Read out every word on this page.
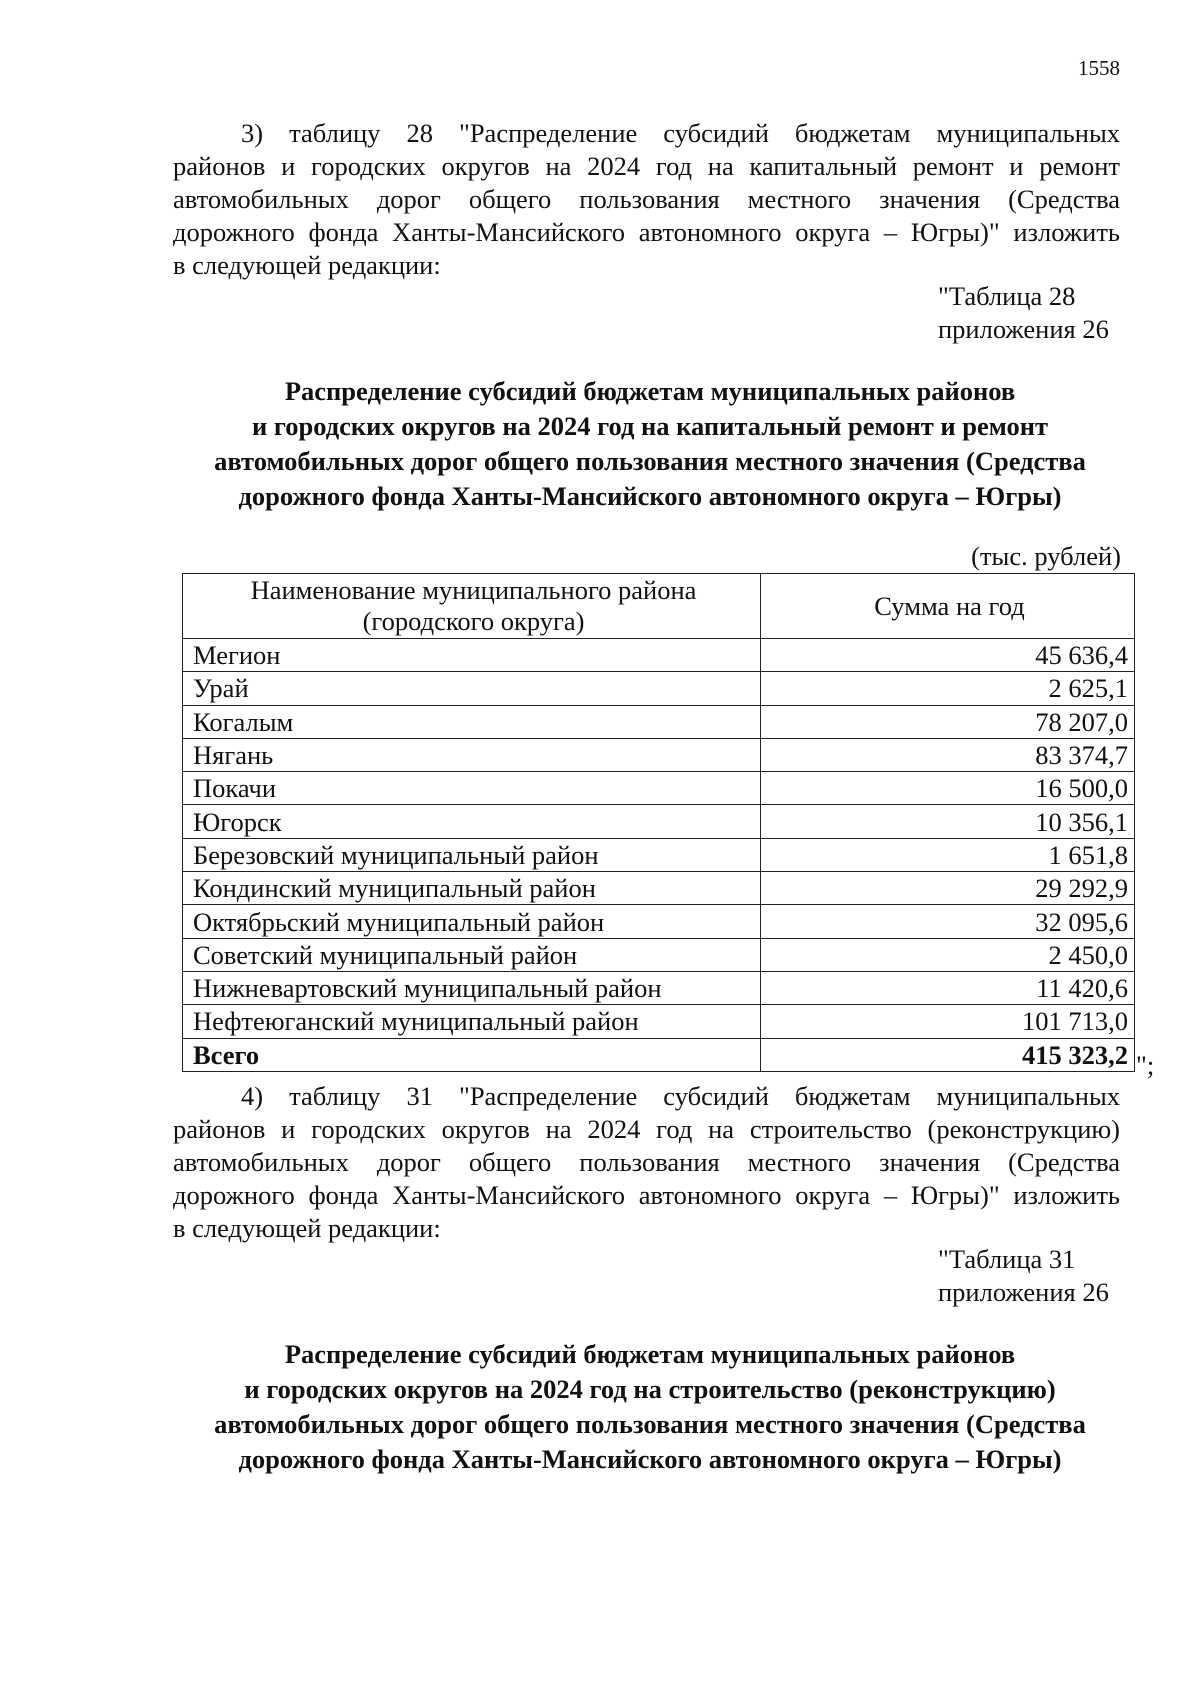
1558
3) таблицу 28 "Распределение субсидий бюджетам муниципальных
районов и городских округов на 2024 год на капитальный ремонт и ремонт
автомобильных дорог общего пользования местного значения (Средства
дорожного фонда Ханты-Мансийского автономного округа – Югры)" изложить
в следующей редакции:
"Таблица 28
приложения 26
Распределение субсидий бюджетам муниципальных районов
и городских округов на 2024 год на капитальный ремонт и ремонт
автомобильных дорог общего пользования местного значения (Средства
дорожного фонда Ханты-Мансийского автономного округа – Югры)
(тыс. рублей)
Наименование муниципального района
(городского округа)	Сумма на год
Мегион	45 636,4
Урай	2 625,1
Когалым	78 207,0
Нягань	83 374,7
Покачи	16 500,0
Югорск	10 356,1
Березовский муниципальный район	1 651,8
Кондинский муниципальный район	29 292,9
Октябрьский муниципальный район	32 095,6
Советский муниципальный район	2 450,0
Нижневартовский муниципальный район	11 420,6
Нефтеюганский муниципальный район	101 713,0
Всего	415 323,2 ";
4) таблицу 31 "Распределение субсидий бюджетам муниципальных
районов и городских округов на 2024 год на строительство (реконструкцию)
автомобильных дорог общего пользования местного значения (Средства
дорожного фонда Ханты-Мансийского автономного округа – Югры)" изложить
в следующей редакции:
"Таблица 31
приложения 26
Распределение субсидий бюджетам муниципальных районов
и городских округов на 2024 год на строительство (реконструкцию)
автомобильных дорог общего пользования местного значения (Средства
дорожного фонда Ханты-Мансийского автономного округа – Югры)
